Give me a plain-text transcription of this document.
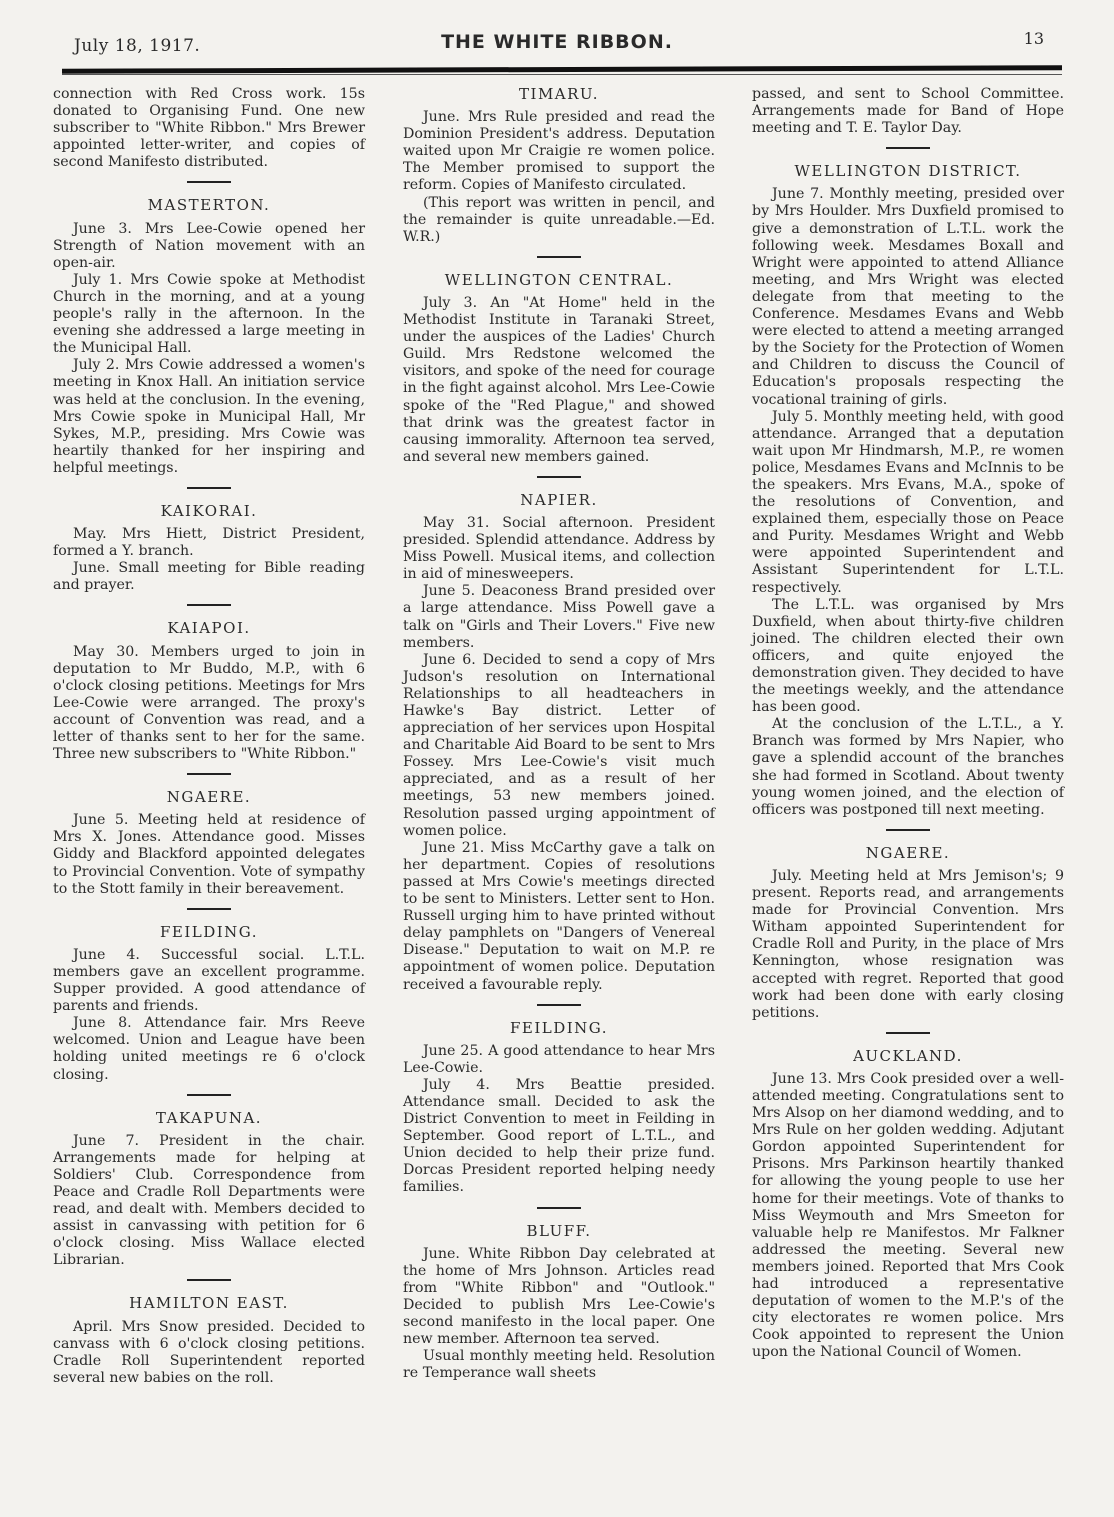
July 18, 1917.	THE WHITE RIBBON.	13

connection with Red Cross work. 15s donated to Organising Fund. One new subscriber to "White Ribbon." Mrs Brewer appointed letter-writer, and copies of second Manifesto distributed.

MASTERTON.

June 3. Mrs Lee-Cowie opened her Strength of Nation movement with an open-air.

July 1. Mrs Cowie spoke at Methodist Church in the morning, and at a young people's rally in the afternoon. In the evening she addressed a large meeting in the Municipal Hall.

July 2. Mrs Cowie addressed a women's meeting in Knox Hall. An initiation service was held at the conclusion. In the evening, Mrs Cowie spoke in Municipal Hall, Mr Sykes, M.P., presiding. Mrs Cowie was heartily thanked for her inspiring and helpful meetings.

KAIKORAI.

May. Mrs Hiett, District President, formed a Y. branch.

June. Small meeting for Bible reading and prayer.

KAIAPOI.

May 30. Members urged to join in deputation to Mr Buddo, M.P., with 6 o'clock closing petitions. Meetings for Mrs Lee-Cowie were arranged. The proxy's account of Convention was read, and a letter of thanks sent to her for the same. Three new subscribers to "White Ribbon."

NGAERE.

June 5. Meeting held at residence of Mrs X. Jones. Attendance good. Misses Giddy and Blackford appointed delegates to Provincial Convention. Vote of sympathy to the Stott family in their bereavement.

FEILDING.

June 4. Successful social. L.T.L. members gave an excellent programme. Supper provided. A good attendance of parents and friends.

June 8. Attendance fair. Mrs Reeve welcomed. Union and League have been holding united meetings re 6 o'clock closing.

TAKAPUNA.

June 7. President in the chair. Arrangements made for helping at Soldiers' Club. Correspondence from Peace and Cradle Roll Departments were read, and dealt with. Members decided to assist in canvassing with petition for 6 o'clock closing. Miss Wallace elected Librarian.

HAMILTON EAST.

April. Mrs Snow presided. Decided to canvass with 6 o'clock closing petitions. Cradle Roll Superintendent reported several new babies on the roll.

TIMARU.

June. Mrs Rule presided and read the Dominion President's address. Deputation waited upon Mr Craigie re women police. The Member promised to support the reform. Copies of Manifesto circulated.

(This report was written in pencil, and the remainder is quite unreadable.—Ed. W.R.)

WELLINGTON CENTRAL.

July 3. An "At Home" held in the Methodist Institute in Taranaki Street, under the auspices of the Ladies' Church Guild. Mrs Redstone welcomed the visitors, and spoke of the need for courage in the fight against alcohol. Mrs Lee-Cowie spoke of the "Red Plague," and showed that drink was the greatest factor in causing immorality. Afternoon tea served, and several new members gained.

NAPIER.

May 31. Social afternoon. President presided. Splendid attendance. Address by Miss Powell. Musical items, and collection in aid of minesweepers.

June 5. Deaconess Brand presided over a large attendance. Miss Powell gave a talk on "Girls and Their Lovers." Five new members.

June 6. Decided to send a copy of Mrs Judson's resolution on International Relationships to all headteachers in Hawke's Bay district. Letter of appreciation of her services upon Hospital and Charitable Aid Board to be sent to Mrs Fossey. Mrs Lee-Cowie's visit much appreciated, and as a result of her meetings, 53 new members joined. Resolution passed urging appointment of women police.

June 21. Miss McCarthy gave a talk on her department. Copies of resolutions passed at Mrs Cowie's meetings directed to be sent to Ministers. Letter sent to Hon. Russell urging him to have printed without delay pamphlets on "Dangers of Venereal Disease." Deputation to wait on M.P. re appointment of women police. Deputation received a favourable reply.

FEILDING.

June 25. A good attendance to hear Mrs Lee-Cowie.

July 4. Mrs Beattie presided. Attendance small. Decided to ask the District Convention to meet in Feilding in September. Good report of L.T.L., and Union decided to help their prize fund. Dorcas President reported helping needy families.

BLUFF.

June. White Ribbon Day celebrated at the home of Mrs Johnson. Articles read from "White Ribbon" and "Outlook." Decided to publish Mrs Lee-Cowie's second manifesto in the local paper. One new member. Afternoon tea served.

Usual monthly meeting held. Resolution re Temperance wall sheets

passed, and sent to School Committee. Arrangements made for Band of Hope meeting and T. E. Taylor Day.

WELLINGTON DISTRICT.

June 7. Monthly meeting, presided over by Mrs Houlder. Mrs Duxfield promised to give a demonstration of L.T.L. work the following week. Mesdames Boxall and Wright were appointed to attend Alliance meeting, and Mrs Wright was elected delegate from that meeting to the Conference. Mesdames Evans and Webb were elected to attend a meeting arranged by the Society for the Protection of Women and Children to discuss the Council of Education's proposals respecting the vocational training of girls.

July 5. Monthly meeting held, with good attendance. Arranged that a deputation wait upon Mr Hindmarsh, M.P., re women police, Mesdames Evans and McInnis to be the speakers. Mrs Evans, M.A., spoke of the resolutions of Convention, and explained them, especially those on Peace and Purity. Mesdames Wright and Webb were appointed Superintendent and Assistant Superintendent for L.T.L. respectively.

The L.T.L. was organised by Mrs Duxfield, when about thirty-five children joined. The children elected their own officers, and quite enjoyed the demonstration given. They decided to have the meetings weekly, and the attendance has been good.

At the conclusion of the L.T.L., a Y. Branch was formed by Mrs Napier, who gave a splendid account of the branches she had formed in Scotland. About twenty young women joined, and the election of officers was postponed till next meeting.

NGAERE.

July. Meeting held at Mrs Jemison's; 9 present. Reports read, and arrangements made for Provincial Convention. Mrs Witham appointed Superintendent for Cradle Roll and Purity, in the place of Mrs Kennington, whose resignation was accepted with regret. Reported that good work had been done with early closing petitions.

AUCKLAND.

June 13. Mrs Cook presided over a well-attended meeting. Congratulations sent to Mrs Alsop on her diamond wedding, and to Mrs Rule on her golden wedding. Adjutant Gordon appointed Superintendent for Prisons. Mrs Parkinson heartily thanked for allowing the young people to use her home for their meetings. Vote of thanks to Miss Weymouth and Mrs Smeeton for valuable help re Manifestos. Mr Falkner addressed the meeting. Several new members joined. Reported that Mrs Cook had introduced a representative deputation of women to the M.P.'s of the city electorates re women police. Mrs Cook appointed to represent the Union upon the National Council of Women.
